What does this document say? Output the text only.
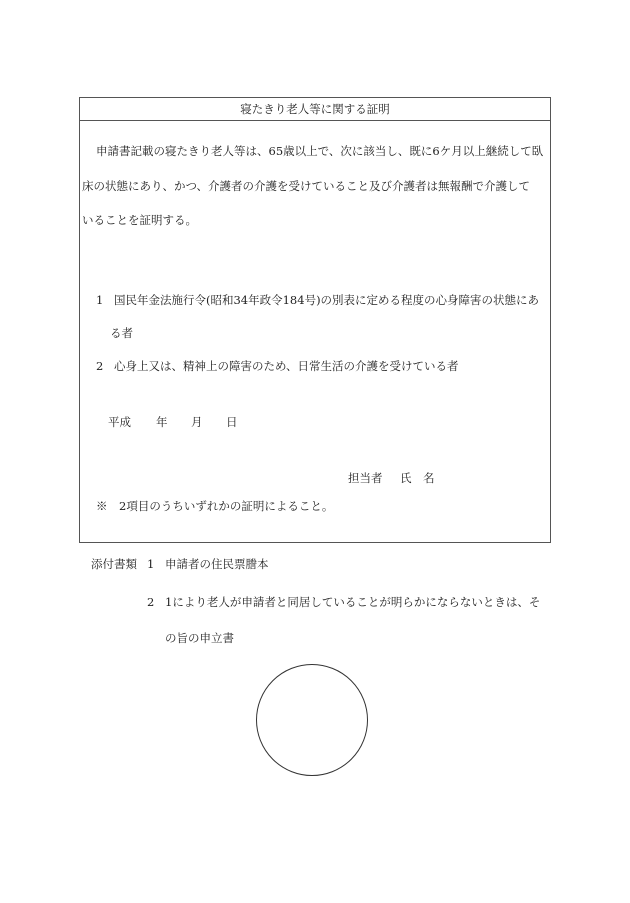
寝たきり老人等に関する証明
申請書記載の寝たきり老人等は、65歳以上で、次に該当し、既に6ケ月以上継続して臥
床の状態にあり、かつ、介護者の介護を受けていること及び介護者は無報酬で介護して
いることを証明する。
1 国民年金法施行令(昭和34年政令184号)の別表に定める程度の心身障害の状態にあ
る者
2 心身上又は、精神上の障害のため、日常生活の介護を受けている者
平成 年 月 日
担当者 氏　名
※　2項目のうちいずれかの証明によること。
添付書類 1 申請者の住民票謄本
2 1により老人が申請者と同居していることが明らかにならないときは、そ
の旨の申立書
